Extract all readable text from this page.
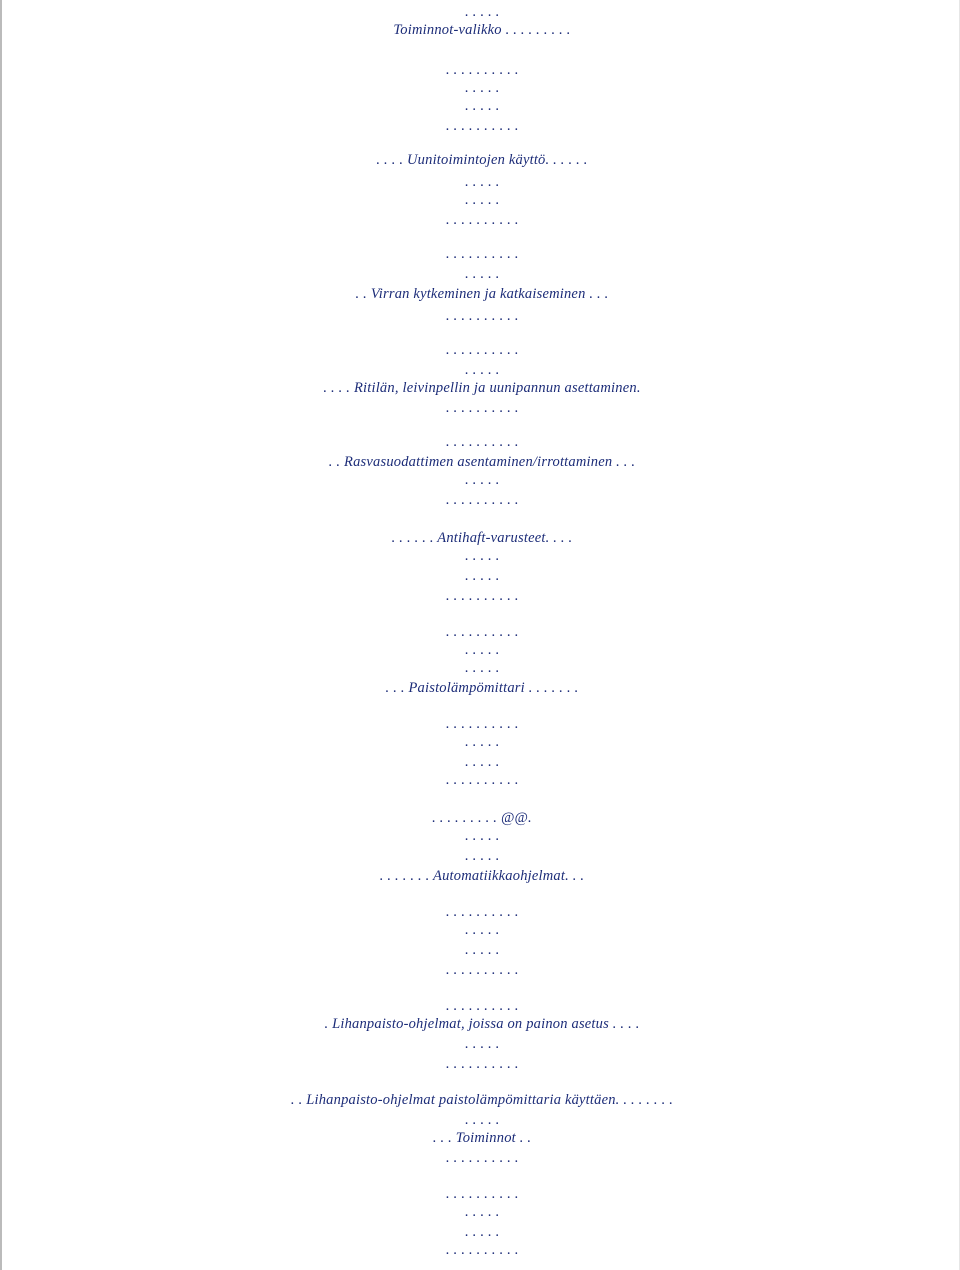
. . . . .
Toiminnot-valikko . . . . . . . . .
. . . . . . . . . .
. . . . .
. . . . .
. . . . . . . . . .
. . . . Uunitoimintojen käyttö. . . . . .
. . . . .
. . . . .
. . . . . . . . . .
. . . . . . . . . .
. . . . .
. . Virran kytkeminen ja katkaiseminen . . .
. . . . . . . . . .
. . . . . . . . . .
. . . . .
. . . . Ritilän, leivinpellin ja uunipannun asettaminen.
. . . . . . . . . .
. . . . . . . . . .
. . Rasvasuodattimen asentaminen/irrottaminen . . .
. . . . .
. . . . . . . . . .
. . . . . . Antihaft-varusteet. . . .
. . . . .
. . . . .
. . . . . . . . . .
. . . . . . . . . .
. . . . .
. . . . .
. . . Paistolämpömittari . . . . . . .
. . . . . . . . . .
. . . . .
. . . . .
. . . . . . . . . .
. . . . . . . . . @@.
. . . . .
. . . . .
. . . . . . . Automatiikkaohjelmat. . .
. . . . . . . . . .
. . . . .
. . . . .
. . . . . . . . . .
. . . . . . . . . .
. Lihanpaisto-ohjelmat, joissa on painon asetus . . . .
. . . . .
. . . . . . . . . .
. . Lihanpaisto-ohjelmat paistolämpömittaria käyttäen. . . . . . . .
. . . . .
. . . Toiminnot . .
. . . . . . . . . .
. . . . . . . . . .
. . . . .
. . . . .
. . . . . . . . . .
